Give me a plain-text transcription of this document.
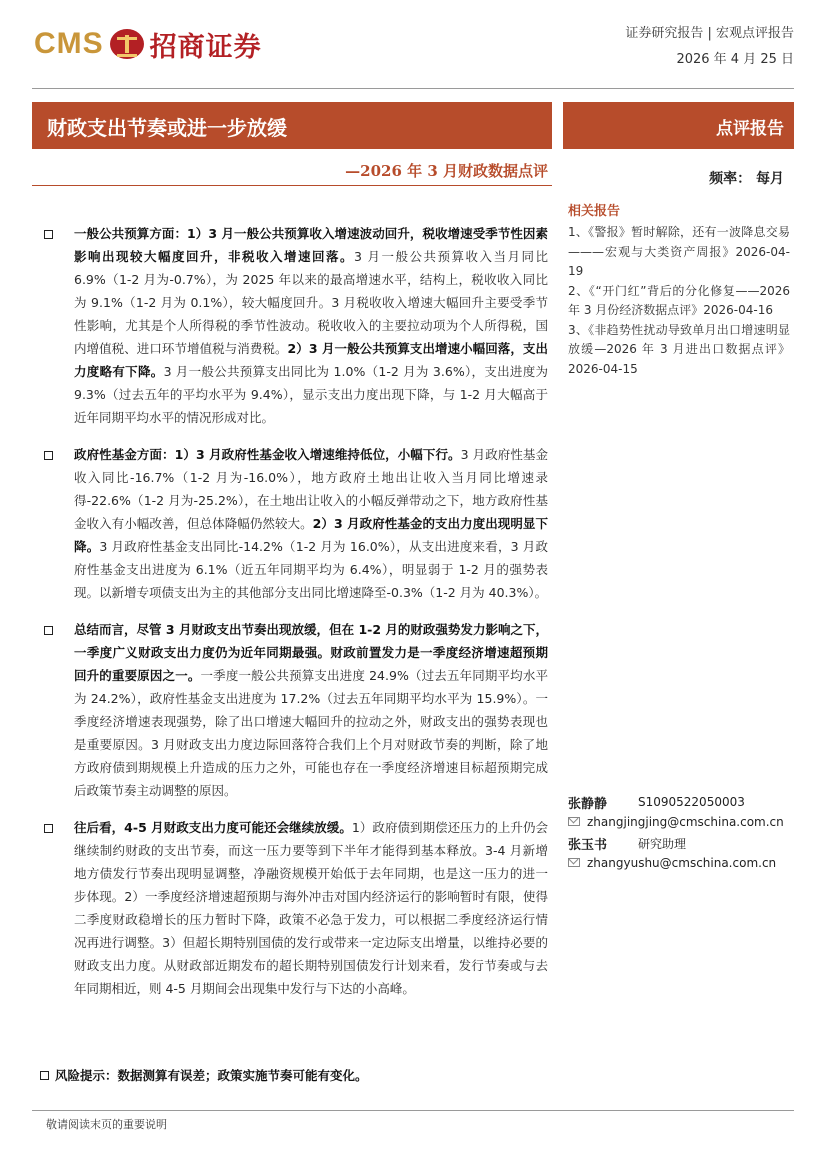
CMS 招商证券	证券研究报告 | 宏观点评报告
2026 年 4 月 25 日
财政支出节奏或进一步放缓
—2026 年 3 月财政数据点评
点评报告
频率： 每月
一般公共预算方面：1）3 月一般公共预算收入增速波动回升，税收增速受季节性因素影响出现较大幅度回升，非税收入增速回落。3 月一般公共预算收入当月同比 6.9%（1-2 月为-0.7%），为 2025 年以来的最高增速水平，结构上，税收收入同比为 9.1%（1-2 月为 0.1%），较大幅度回升。3 月税收收入增速大幅回升主要受季节性影响，尤其是个人所得税的季节性波动。税收收入的主要拉动项为个人所得税，国内增值税、进口环节增值税与消费税。2）3 月一般公共预算支出增速小幅回落，支出力度略有下降。3 月一般公共预算支出同比为 1.0%（1-2 月为 3.6%），支出进度为 9.3%（过去五年的平均水平为 9.4%），显示支出力度出现下降，与 1-2 月大幅高于近年同期平均水平的情况形成对比。
政府性基金方面：1）3 月政府性基金收入增速维持低位，小幅下行。3 月政府性基金收入同比-16.7%（1-2 月为-16.0%），地方政府土地出让收入当月同比增速录得-22.6%（1-2 月为-25.2%），在土地出让收入的小幅反弹带动之下，地方政府性基金收入有小幅改善，但总体降幅仍然较大。2）3 月政府性基金的支出力度出现明显下降。3 月政府性基金支出同比-14.2%（1-2 月为 16.0%），从支出进度来看，3 月政府性基金支出进度为 6.1%（近五年同期平均为 6.4%），明显弱于 1-2 月的强势表现。以新增专项债支出为主的其他部分支出同比增速降至-0.3%（1-2 月为 40.3%）。
总结而言，尽管 3 月财政支出节奏出现放缓，但在 1-2 月的财政强势发力影响之下，一季度广义财政支出力度仍为近年同期最强。财政前置发力是一季度经济增速超预期回升的重要原因之一。一季度一般公共预算支出进度 24.9%（过去五年同期平均水平为 24.2%），政府性基金支出进度为 17.2%（过去五年同期平均水平为 15.9%）。一季度经济增速表现强势，除了出口增速大幅回升的拉动之外，财政支出的强势表现也是重要原因。3 月财政支出力度边际回落符合我们上个月对财政节奏的判断，除了地方政府债到期规模上升造成的压力之外，可能也存在一季度经济增速目标超预期完成后政策节奏主动调整的原因。
往后看，4-5 月财政支出力度可能还会继续放缓。1）政府债到期偿还压力的上升仍会继续制约财政的支出节奏，而这一压力要等到下半年才能得到基本释放。3-4 月新增地方债发行节奏出现明显调整，净融资规模开始低于去年同期，也是这一压力的进一步体现。2）一季度经济增速超预期与海外冲击对国内经济运行的影响暂时有限，使得二季度财政稳增长的压力暂时下降，政策不必急于发力，可以根据二季度经济运行情况再进行调整。3）但超长期特别国债的发行或带来一定边际支出增量，以维持必要的财政支出力度。从财政部近期发布的超长期特别国债发行计划来看，发行节奏或与去年同期相近，则 4-5 月期间会出现集中发行与下达的小高峰。
风险提示：数据测算有误差；政策实施节奏可能有变化。
相关报告
1、《警报》暂时解除，还有一波降息交易———宏观与大类资产周报》2026-04-19
2、《“开门红”背后的分化修复——2026 年 3 月份经济数据点评》2026-04-16
3、《非趋势性扰动导致单月出口增速明显放缓—2026 年 3 月进出口数据点评》2026-04-15
张静静	S1090522050003
zhangjingjing@cmschina.com.cn
张玉书	研究助理
zhangyushu@cmschina.com.cn
敬请阅读末页的重要说明
